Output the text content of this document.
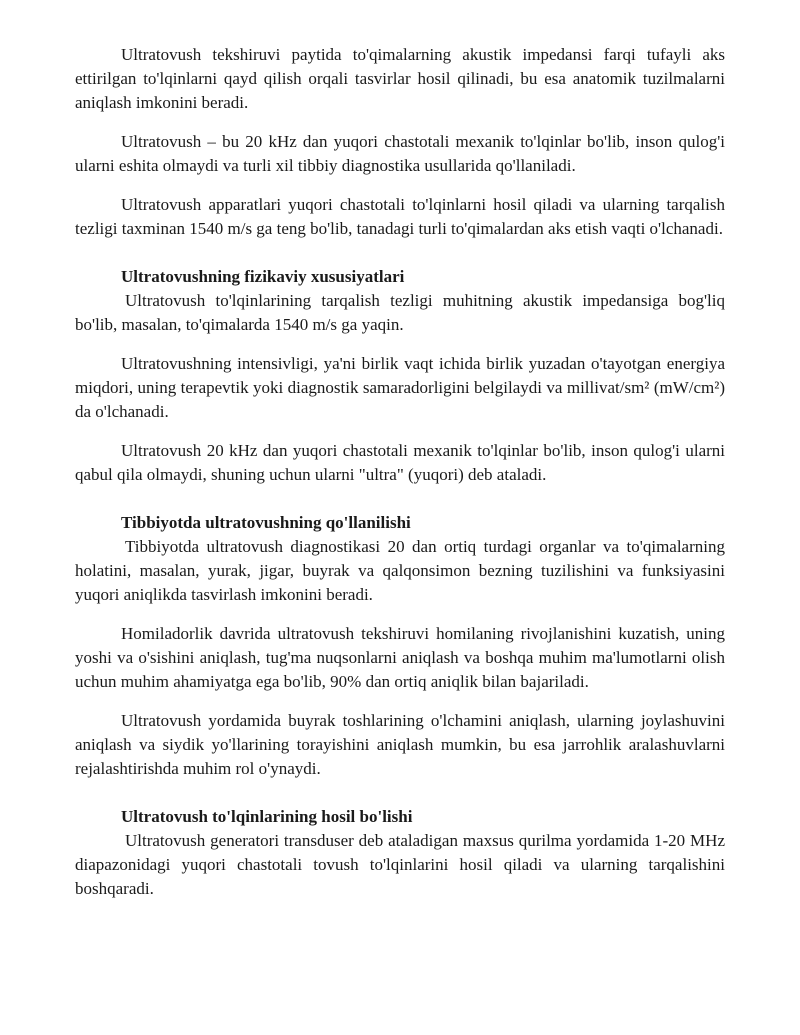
Ultratovush tekshiruvi paytida to'qimalarning akustik impedansi farqi tufayli aks ettirilgan to'lqinlarni qayd qilish orqali tasvirlar hosil qilinadi, bu esa anatomik tuzilmalarni aniqlash imkonini beradi.

Ultratovush – bu 20 kHz dan yuqori chastotali mexanik to'lqinlar bo'lib, inson qulog'i ularni eshita olmaydi va turli xil tibbiy diagnostika usullarida qo'llaniladi.

Ultratovush apparatlari yuqori chastotali to'lqinlarni hosil qiladi va ularning tarqalish tezligi taxminan 1540 m/s ga teng bo'lib, tanadagi turli to'qimalardan aks etish vaqti o'lchanadi.

Ultratovushning fizikaviy xususiyatlari

Ultratovush to'lqinlarining tarqalish tezligi muhitning akustik impedansiga bog'liq bo'lib, masalan, to'qimalarda 1540 m/s ga yaqin.

Ultratovushning intensivligi, ya'ni birlik vaqt ichida birlik yuzadan o'tayotgan energiya miqdori, uning terapevtik yoki diagnostik samaradorligini belgilaydi va millivat/sm² (mW/cm²) da o'lchanadi.

Ultratovush 20 kHz dan yuqori chastotali mexanik to'lqinlar bo'lib, inson qulog'i ularni qabul qila olmaydi, shuning uchun ularni "ultra" (yuqori) deb ataladi.

Tibbiyotda ultratovushning qo'llanilishi

Tibbiyotda ultratovush diagnostikasi 20 dan ortiq turdagi organlar va to'qimalarning holatini, masalan, yurak, jigar, buyrak va qalqonsimon bezning tuzilishini va funksiyasini yuqori aniqlikda tasvirlash imkonini beradi.

Homiladorlik davrida ultratovush tekshiruvi homilaning rivojlanishini kuzatish, uning yoshi va o'sishini aniqlash, tug'ma nuqsonlarni aniqlash va boshqa muhim ma'lumotlarni olish uchun muhim ahamiyatga ega bo'lib, 90% dan ortiq aniqlik bilan bajariladi.

Ultratovush yordamida buyrak toshlarining o'lchamini aniqlash, ularning joylashuvini aniqlash va siydik yo'llarining torayishini aniqlash mumkin, bu esa jarrohlik aralashuvlarni rejalashtirishda muhim rol o'ynaydi.

Ultratovush to'lqinlarining hosil bo'lishi

Ultratovush generatori transduser deb ataladigan maxsus qurilma yordamida 1-20 MHz diapazonidagi yuqori chastotali tovush to'lqinlarini hosil qiladi va ularning tarqalishini boshqaradi.
